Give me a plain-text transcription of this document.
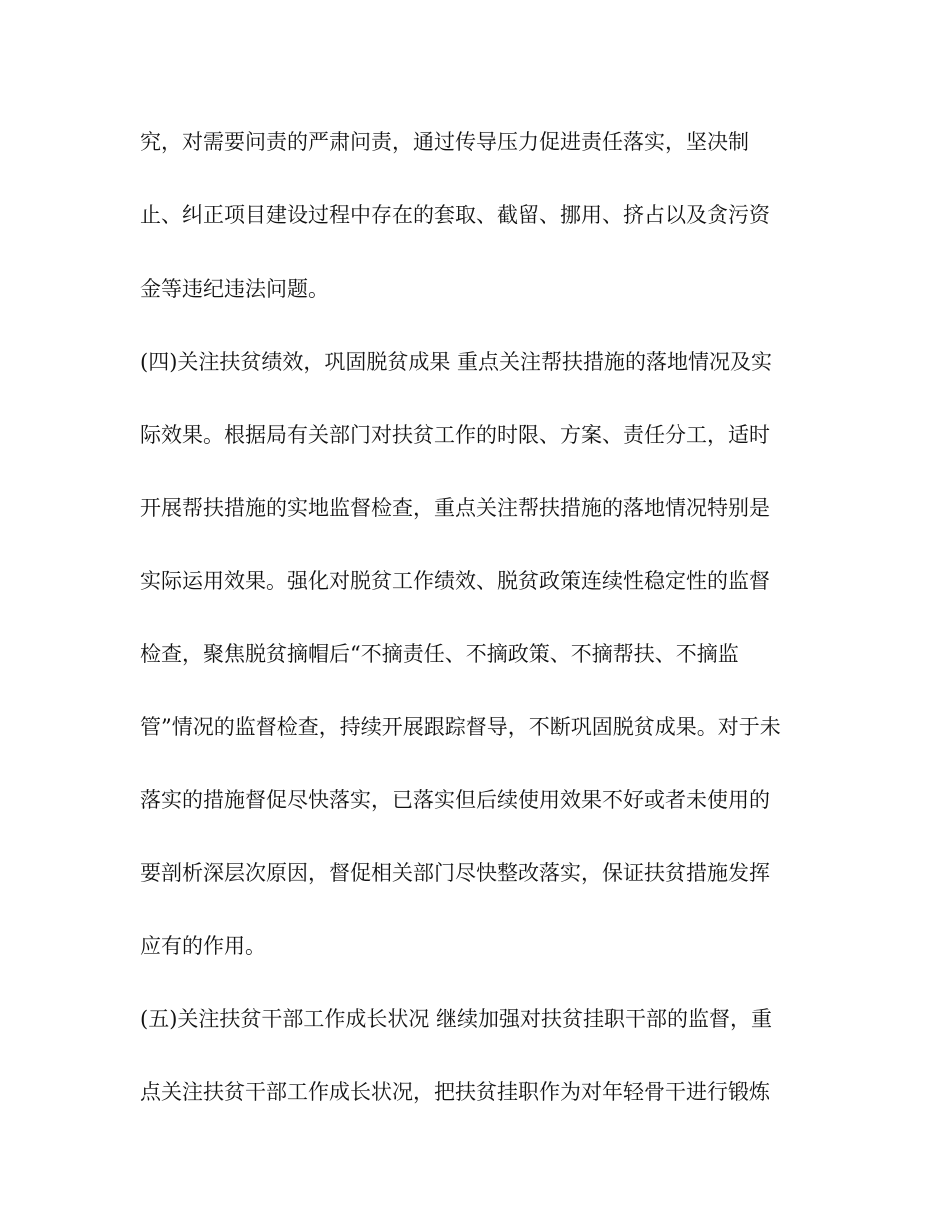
究，对需要问责的严肃问责，通过传导压力促进责任落实，坚决制
止、纠正项目建设过程中存在的套取、截留、挪用、挤占以及贪污资
金等违纪违法问题。
(四)关注扶贫绩效，巩固脱贫成果 重点关注帮扶措施的落地情况及实
际效果。根据局有关部门对扶贫工作的时限、方案、责任分工，适时
开展帮扶措施的实地监督检查，重点关注帮扶措施的落地情况特别是
实际运用效果。强化对脱贫工作绩效、脱贫政策连续性稳定性的监督
检查，聚焦脱贫摘帽后“不摘责任、不摘政策、不摘帮扶、不摘监
管”情况的监督检查，持续开展跟踪督导，不断巩固脱贫成果。对于未
落实的措施督促尽快落实，已落实但后续使用效果不好或者未使用的
要剖析深层次原因，督促相关部门尽快整改落实，保证扶贫措施发挥
应有的作用。
(五)关注扶贫干部工作成长状况 继续加强对扶贫挂职干部的监督，重
点关注扶贫干部工作成长状况，把扶贫挂职作为对年轻骨干进行锻炼
